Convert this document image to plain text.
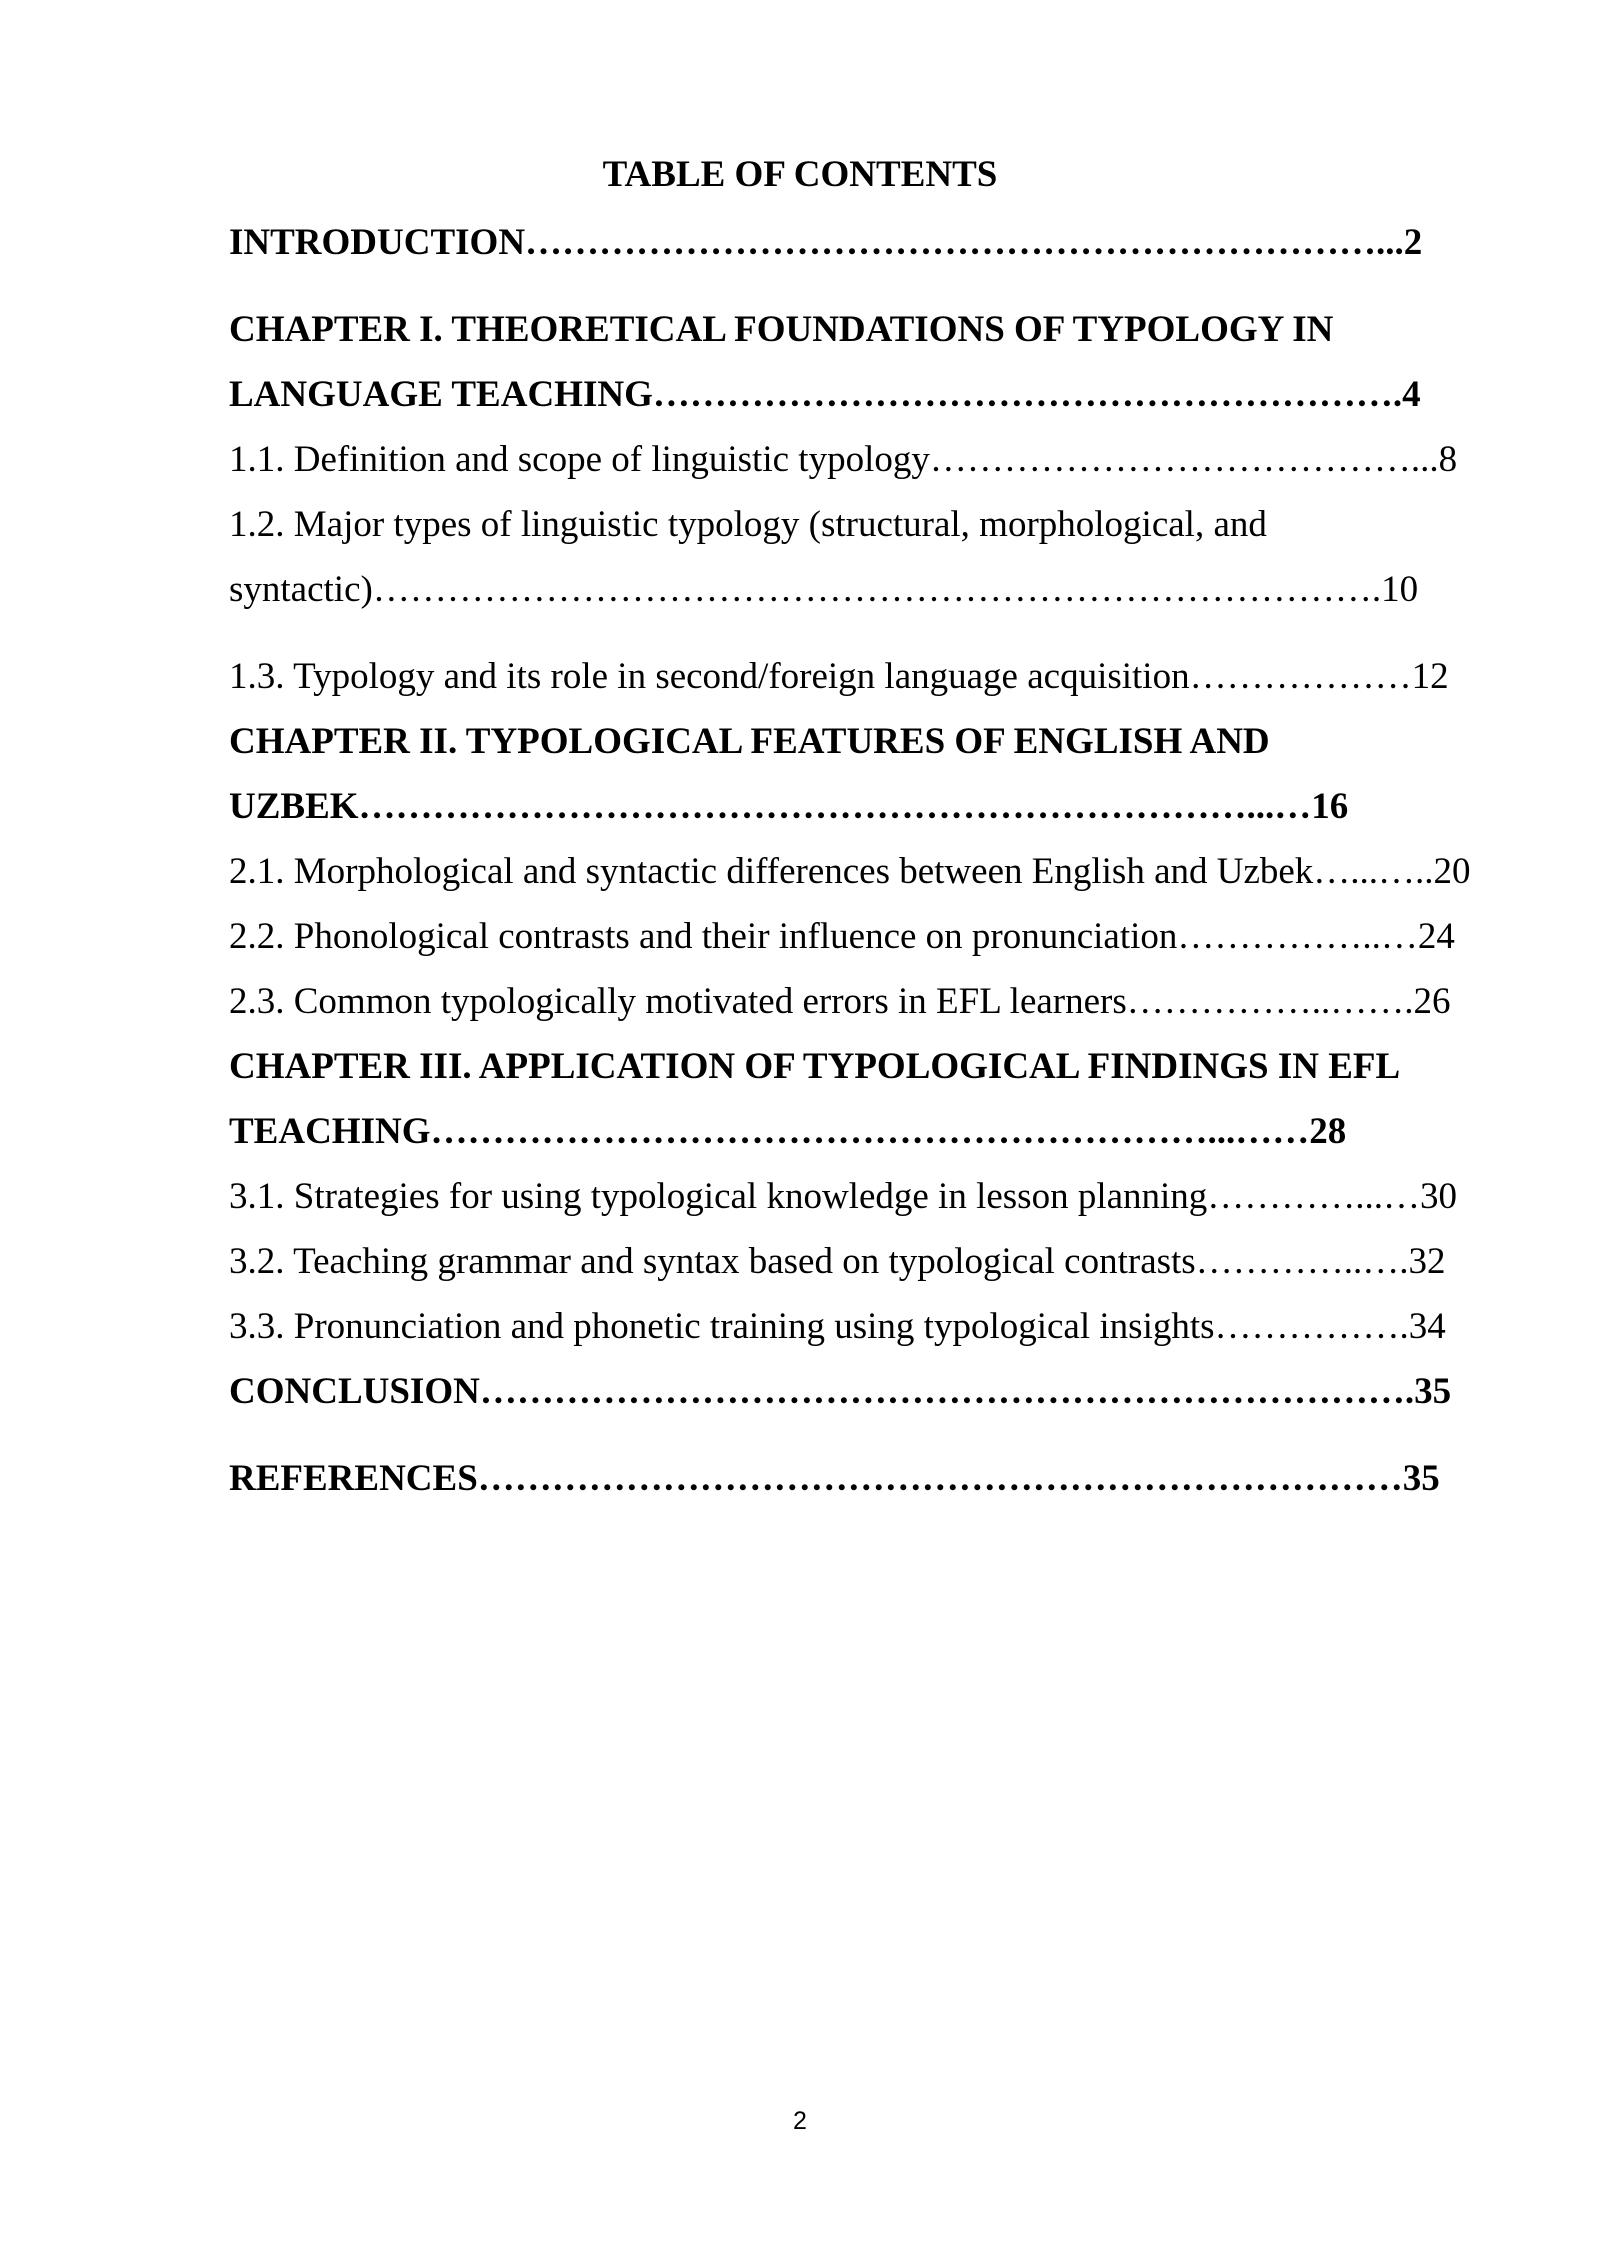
TABLE OF CONTENTS
INTRODUCTION……………………………………………………………...2
CHAPTER I. THEORETICAL FOUNDATIONS OF TYPOLOGY IN
LANGUAGE TEACHING…………………………………………………….4
1.1. Definition and scope of linguistic typology…………………………………...8
1.2. Major types of linguistic typology (structural, morphological, and
syntactic)……………………………………………………………………….10
1.3. Typology and its role in second/foreign language acquisition………………12
CHAPTER II. TYPOLOGICAL FEATURES OF ENGLISH AND
UZBEK………………………………………………………………...…16
2.1. Morphological and syntactic differences between English and Uzbek…...…..20
2.2. Phonological contrasts and their influence on pronunciation……………..…24
2.3. Common typologically motivated errors in EFL learners……………..…….26
CHAPTER III. APPLICATION OF TYPOLOGICAL FINDINGS IN EFL
TEACHING………………………………………………………...……28
3.1. Strategies for using typological knowledge in lesson planning…………...…30
3.2. Teaching grammar and syntax based on typological contrasts…………..….32
3.3. Pronunciation and phonetic training using typological insights…………….34
CONCLUSION………………………………………………………………….35
REFERENCES…………………………………………………………………35
2
